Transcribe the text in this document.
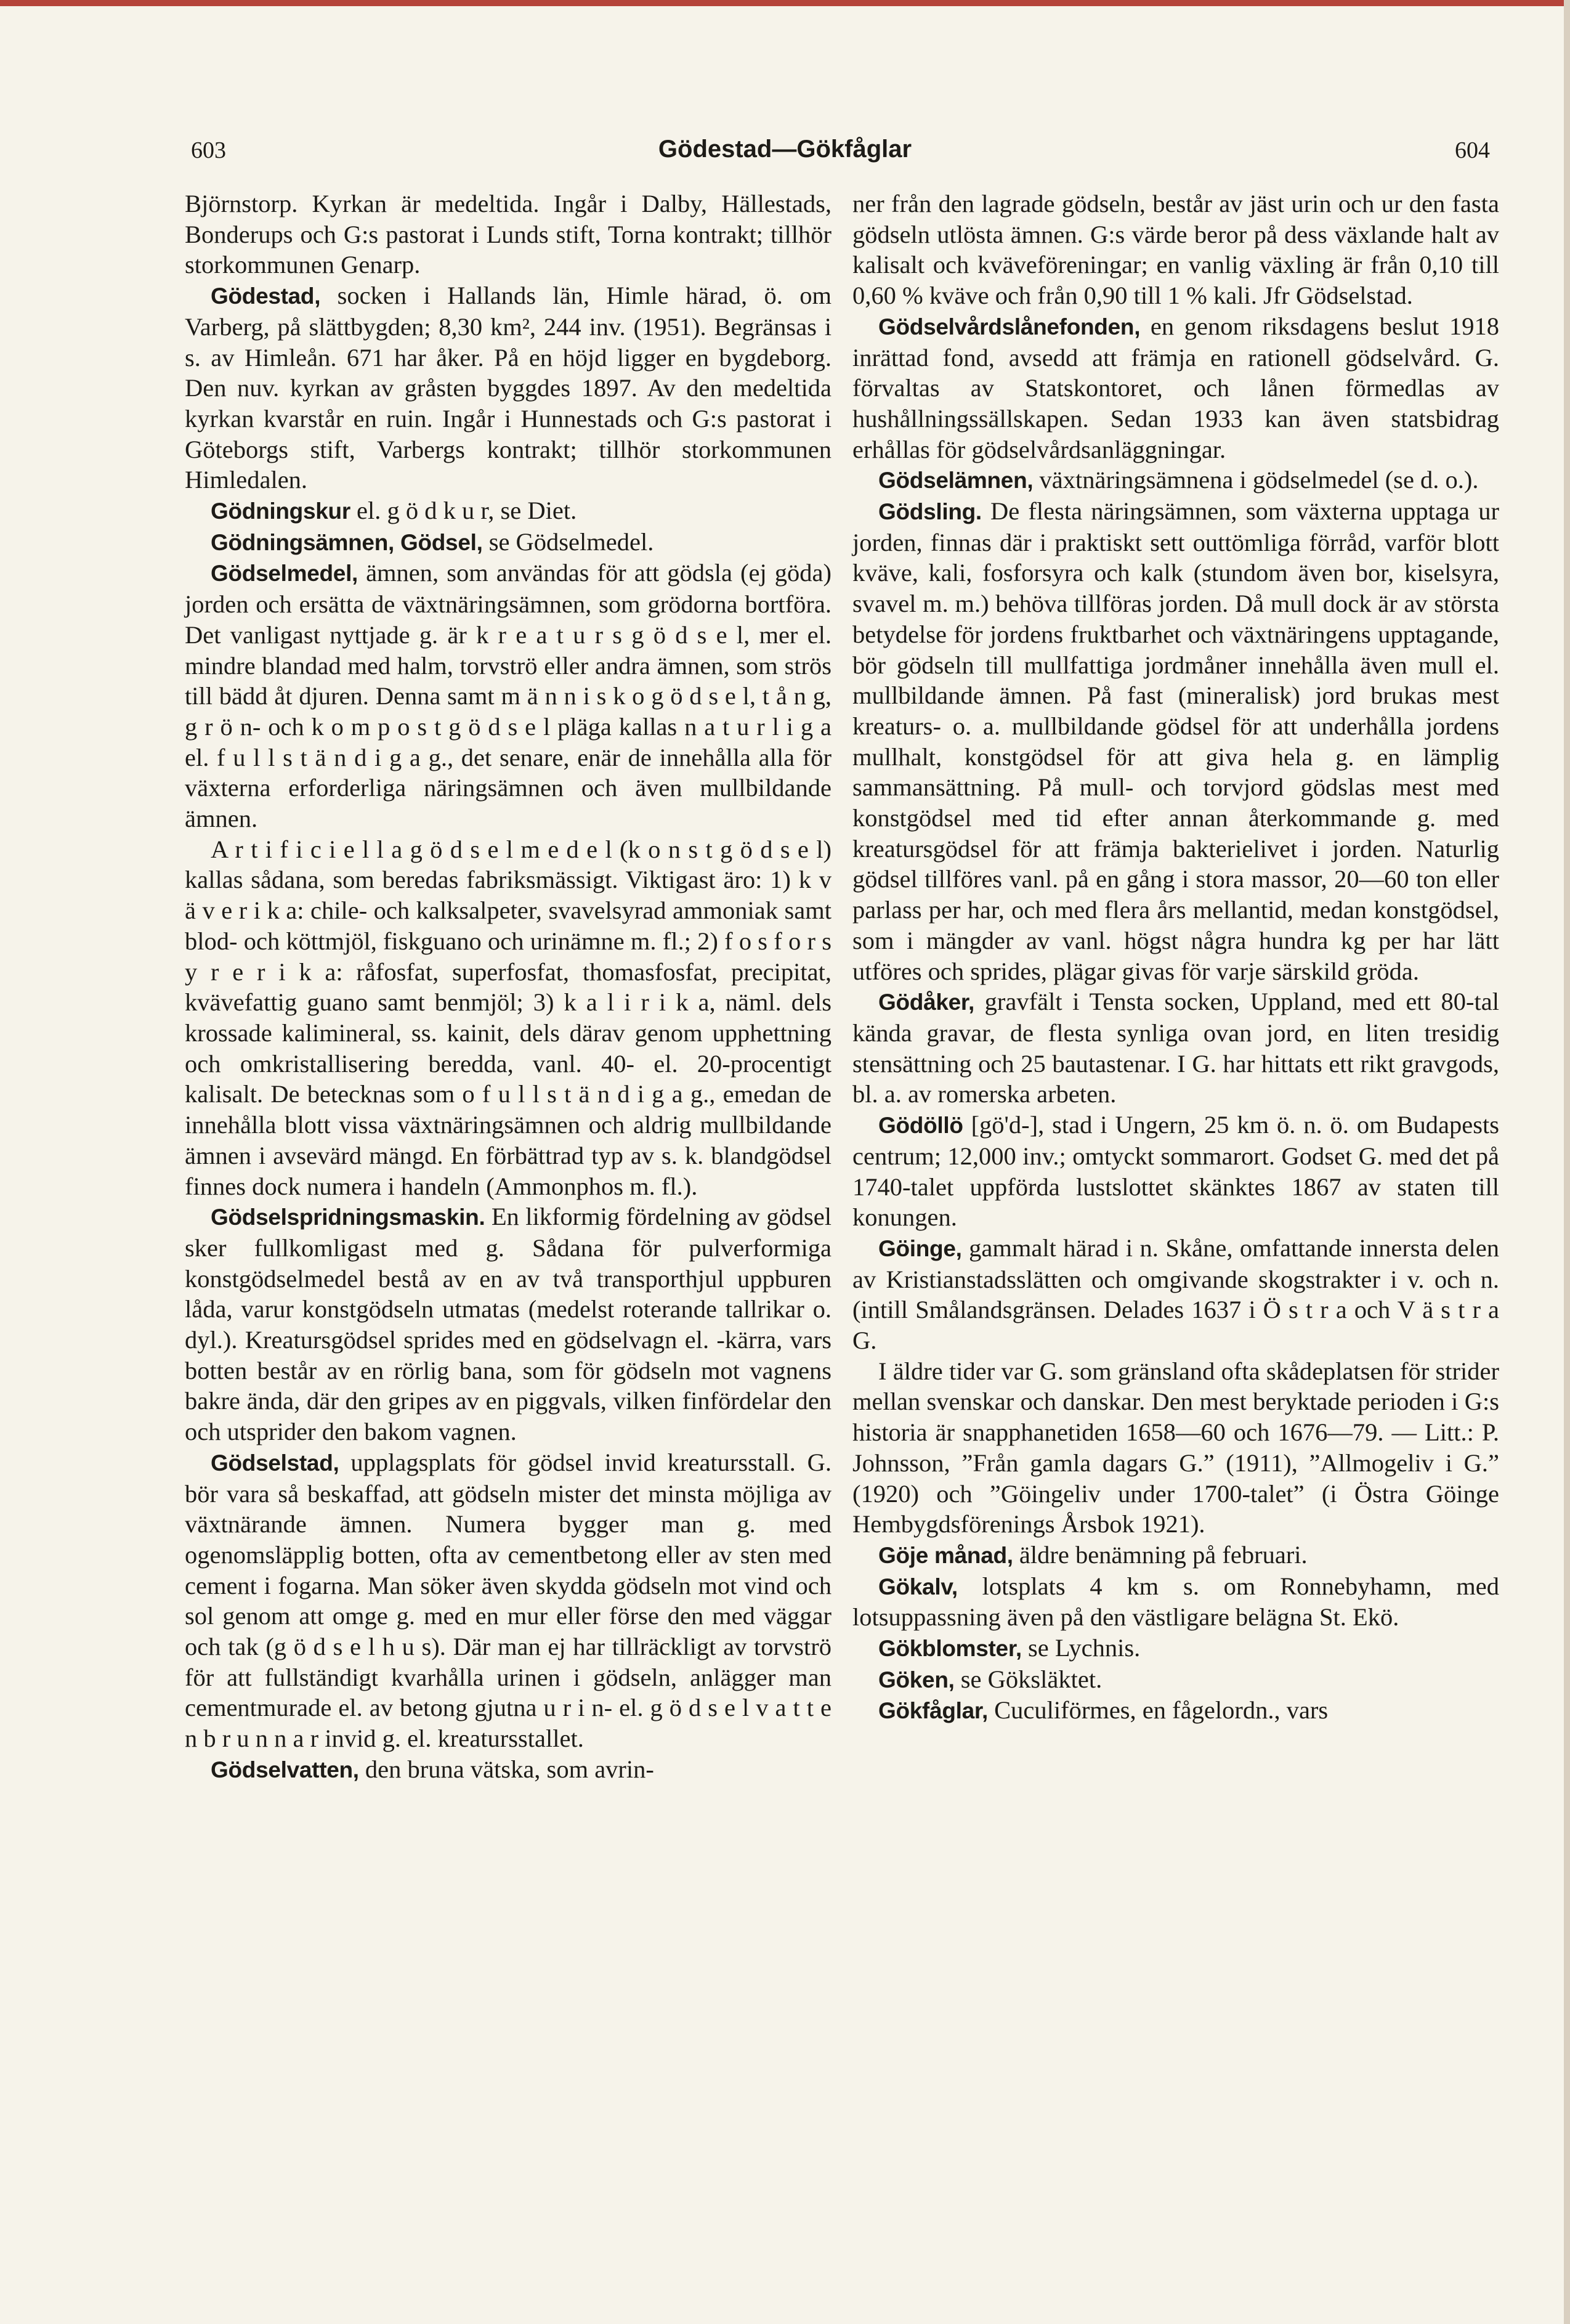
603	Gödestad—Gökfåglar	604

Björnstorp. Kyrkan är medeltida. Ingår i Dalby, Hällestads, Bonderups och G:s pastorat i Lunds stift, Torna kontrakt; tillhör storkommunen Genarp.

Gödestad, socken i Hallands län, Himle härad, ö. om Varberg, på slättbygden; 8,30 km², 244 inv. (1951). Begränsas i s. av Himleån. 671 har åker. På en höjd ligger en bygdeborg. Den nuv. kyrkan av gråsten byggdes 1897. Av den medeltida kyrkan kvarstår en ruin. Ingår i Hunnestads och G:s pastorat i Göteborgs stift, Varbergs kontrakt; tillhör storkommunen Himledalen.

Gödningskur el. g ö d k u r, se Diet.

Gödningsämnen, Gödsel, se Gödselmedel.

Gödselmedel, ämnen, som användas för att gödsla (ej göda) jorden och ersätta de växtnäringsämnen, som grödorna bortföra. Det vanligast nyttjade g. är k r e a t u r s g ö d s e l, mer el. mindre blandad med halm, torvströ eller andra ämnen, som strös till bädd åt djuren. Denna samt m ä n n i s k o g ö d s e l, t å n g, g r ö n- och k o m p o s t g ö d s e l pläga kallas n a t u r l i g a el. f u l l s t ä n d i g a g., det senare, enär de innehålla alla för växterna erforderliga näringsämnen och även mullbildande ämnen.

A r t i f i c i e l l a g ö d s e l m e d e l (k o n s t g ö d s e l) kallas sådana, som beredas fabriksmässigt. Viktigast äro: 1) k v ä v e r i k a: chile- och kalksalpeter, svavelsyrad ammoniak samt blod- och köttmjöl, fiskguano och urinämne m. fl.; 2) f o s f o r s y r e r i k a: råfosfat, superfosfat, thomasfosfat, precipitat, kvävefattig guano samt benmjöl; 3) k a l i r i k a, näml. dels krossade kalimineral, ss. kainit, dels därav genom upphettning och omkristallisering beredda, vanl. 40- el. 20-procentigt kalisalt. De betecknas som o f u l l s t ä n d i g a g., emedan de innehålla blott vissa växtnäringsämnen och aldrig mullbildande ämnen i avsevärd mängd. En förbättrad typ av s. k. blandgödsel finnes dock numera i handeln (Ammonphos m. fl.).

Gödselspridningsmaskin. En likformig fördelning av gödsel sker fullkomligast med g. Sådana för pulverformiga konstgödselmedel bestå av en av två transporthjul uppburen låda, varur konstgödseln utmatas (medelst roterande tallrikar o. dyl.). Kreatursgödsel sprides med en gödselvagn el. -kärra, vars botten består av en rörlig bana, som för gödseln mot vagnens bakre ända, där den gripes av en piggvals, vilken finfördelar den och utsprider den bakom vagnen.

Gödselstad, upplagsplats för gödsel invid kreatursstall. G. bör vara så beskaffad, att gödseln mister det minsta möjliga av växtnärande ämnen. Numera bygger man g. med ogenomsläpplig botten, ofta av cementbetong eller av sten med cement i fogarna. Man söker även skydda gödseln mot vind och sol genom att omge g. med en mur eller förse den med väggar och tak (g ö d s e l h u s). Där man ej har tillräckligt av torvströ för att fullständigt kvarhålla urinen i gödseln, anlägger man cementmurade el. av betong gjutna u r i n- el. g ö d s e l v a t t e n b r u n n a r invid g. el. kreatursstallet.

Gödselvatten, den bruna vätska, som avrin-

ner från den lagrade gödseln, består av jäst urin och ur den fasta gödseln utlösta ämnen. G:s värde beror på dess växlande halt av kalisalt och kväveföreningar; en vanlig växling är från 0,10 till 0,60 % kväve och från 0,90 till 1 % kali. Jfr Gödselstad.

Gödselvårdslånefonden, en genom riksdagens beslut 1918 inrättad fond, avsedd att främja en rationell gödselvård. G. förvaltas av Statskontoret, och lånen förmedlas av hushållningssällskapen. Sedan 1933 kan även statsbidrag erhållas för gödselvårdsanläggningar.

Gödselämnen, växtnäringsämnena i gödselmedel (se d. o.).

Gödsling. De flesta näringsämnen, som växterna upptaga ur jorden, finnas där i praktiskt sett outtömliga förråd, varför blott kväve, kali, fosforsyra och kalk (stundom även bor, kiselsyra, svavel m. m.) behöva tillföras jorden. Då mull dock är av största betydelse för jordens fruktbarhet och växtnäringens upptagande, bör gödseln till mullfattiga jordmåner innehålla även mull el. mullbildande ämnen. På fast (mineralisk) jord brukas mest kreaturs- o. a. mullbildande gödsel för att underhålla jordens mullhalt, konstgödsel för att giva hela g. en lämplig sammansättning. På mull- och torvjord gödslas mest med konstgödsel med tid efter annan återkommande g. med kreatursgödsel för att främja bakterielivet i jorden. Naturlig gödsel tillföres vanl. på en gång i stora massor, 20—60 ton eller parlass per har, och med flera års mellantid, medan konstgödsel, som i mängder av vanl. högst några hundra kg per har lätt utföres och sprides, plägar givas för varje särskild gröda.

Gödåker, gravfält i Tensta socken, Uppland, med ett 80-tal kända gravar, de flesta synliga ovan jord, en liten tresidig stensättning och 25 bautastenar. I G. har hittats ett rikt gravgods, bl. a. av romerska arbeten.

Gödöllö [gö'd-], stad i Ungern, 25 km ö. n. ö. om Budapests centrum; 12,000 inv.; omtyckt sommarort. Godset G. med det på 1740-talet uppförda lustslottet skänktes 1867 av staten till konungen.

Göinge, gammalt härad i n. Skåne, omfattande innersta delen av Kristianstadsslätten och omgivande skogstrakter i v. och n. (intill Smålandsgränsen. Delades 1637 i Ö s t r a och V ä s t r a G.

I äldre tider var G. som gränsland ofta skådeplatsen för strider mellan svenskar och danskar. Den mest beryktade perioden i G:s historia är snapphanetiden 1658—60 och 1676—79. — Litt.: P. Johnsson, ”Från gamla dagars G.” (1911), ”Allmogeliv i G.” (1920) och ”Göingeliv under 1700-talet” (i Östra Göinge Hembygdsförenings Årsbok 1921).

Göje månad, äldre benämning på februari.

Gökalv, lotsplats 4 km s. om Ronnebyhamn, med lotsuppassning även på den västligare belägna St. Ekö.

Gökblomster, se Lychnis.

Göken, se Göksläktet.

Gökfåglar, Cuculiförmes, en fågelordn., vars
